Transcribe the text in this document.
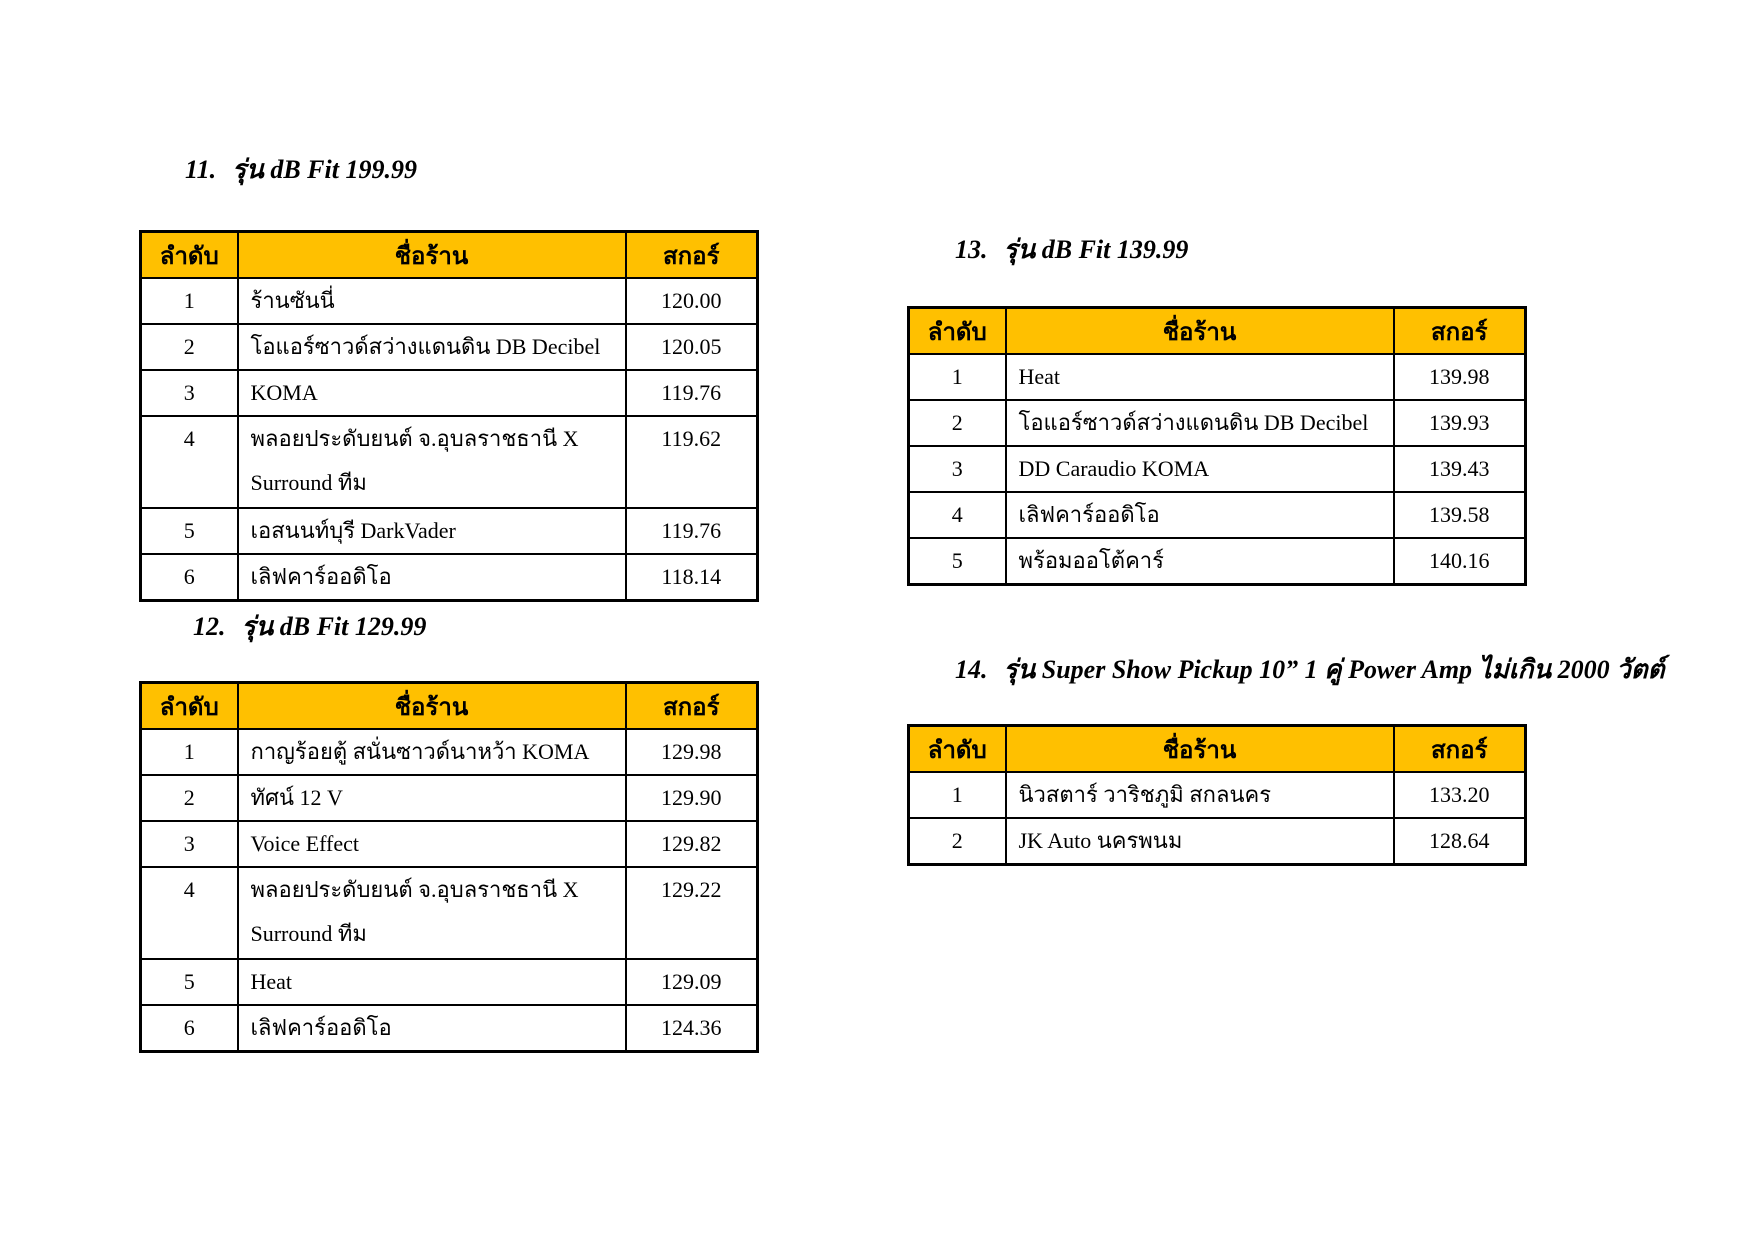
11. รุ่น dB Fit 199.99
ลำดับ	ชื่อร้าน	สกอร์
1	ร้านซันนี่	120.00
2	โอแอร์ซาวด์สว่างแดนดิน DB Decibel	120.05
3	KOMA	119.76
4	พลอยประดับยนต์ จ.อุบลราชธานี X Surround ทีม	119.62
5	เอสนนท์บุรี DarkVader	119.76
6	เลิฟคาร์ออดิโอ	118.14
12. รุ่น dB Fit 129.99
ลำดับ	ชื่อร้าน	สกอร์
1	กาญร้อยตู้ สนั่นซาวด์นาหว้า KOMA	129.98
2	ทัศน์ 12 V	129.90
3	Voice Effect	129.82
4	พลอยประดับยนต์ จ.อุบลราชธานี X Surround ทีม	129.22
5	Heat	129.09
6	เลิฟคาร์ออดิโอ	124.36
13. รุ่น dB Fit 139.99
ลำดับ	ชื่อร้าน	สกอร์
1	Heat	139.98
2	โอแอร์ซาวด์สว่างแดนดิน DB Decibel	139.93
3	DD Caraudio KOMA	139.43
4	เลิฟคาร์ออดิโอ	139.58
5	พร้อมออโต้คาร์	140.16
14. รุ่น Super Show Pickup 10” 1 คู่ Power Amp ไม่เกิน 2000 วัตต์
ลำดับ	ชื่อร้าน	สกอร์
1	นิวสตาร์ วาริชภูมิ สกลนคร	133.20
2	JK Auto นครพนม	128.64
